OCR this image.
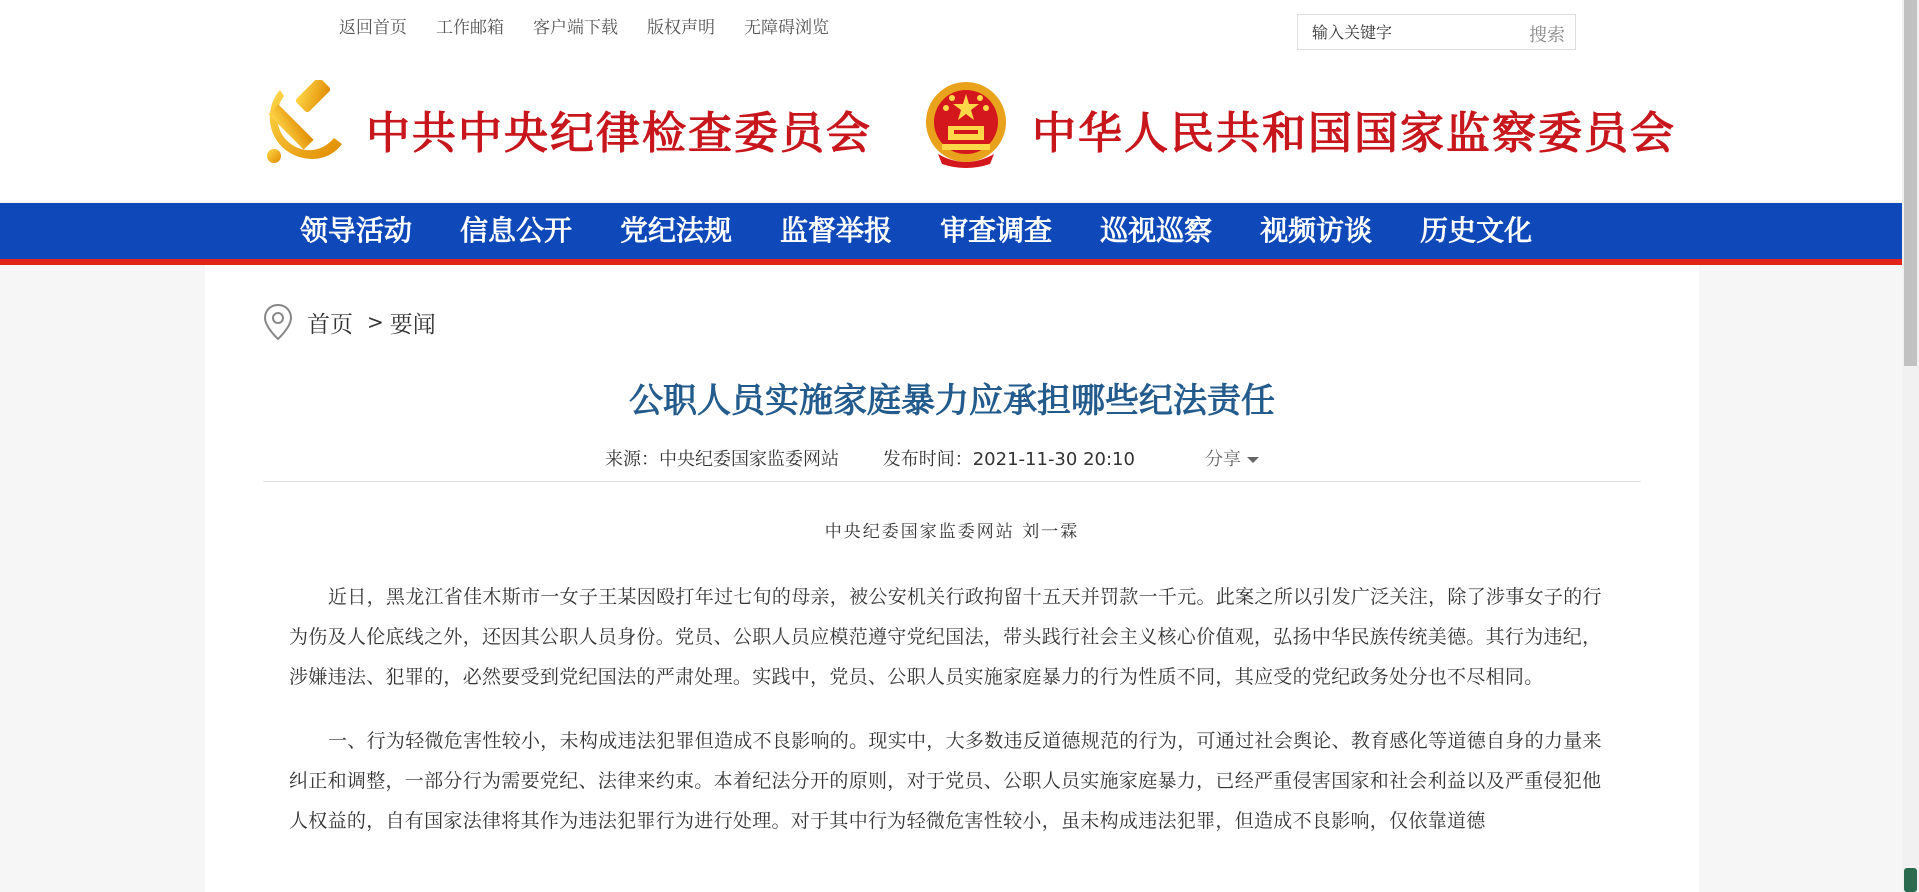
返回首页 工作邮箱 客户端下载 版权声明 无障碍浏览
输入关键字	搜索
中共中央纪律检查委员会	中华人民共和国国家监察委员会
领导活动 信息公开 党纪法规 监督举报 审查调查 巡视巡察 视频访谈 历史文化
首页 > 要闻
公职人员实施家庭暴力应承担哪些纪法责任
来源：中央纪委国家监委网站 发布时间：2021-11-30 20:10	分享
中央纪委国家监委网站 刘一霖

近日，黑龙江省佳木斯市一女子王某因殴打年过七旬的母亲，被公安机关行政拘留十五天并罚款一千元。此案之所以引发广泛关注，除了涉事女子的行为伤及人伦底线之外，还因其公职人员身份。党员、公职人员应模范遵守党纪国法，带头践行社会主义核心价值观，弘扬中华民族传统美德。其行为违纪，涉嫌违法、犯罪的，必然要受到党纪国法的严肃处理。实践中，党员、公职人员实施家庭暴力的行为性质不同，其应受的党纪政务处分也不尽相同。

一、行为轻微危害性较小，未构成违法犯罪但造成不良影响的。现实中，大多数违反道德规范的行为，可通过社会舆论、教育感化等道德自身的力量来纠正和调整，一部分行为需要党纪、法律来约束。本着纪法分开的原则，对于党员、公职人员实施家庭暴力，已经严重侵害国家和社会利益以及严重侵犯他人权益的，自有国家法律将其作为违法犯罪行为进行处理。对于其中行为轻微危害性较小，虽未构成违法犯罪，但造成不良影响，仅依靠道德
